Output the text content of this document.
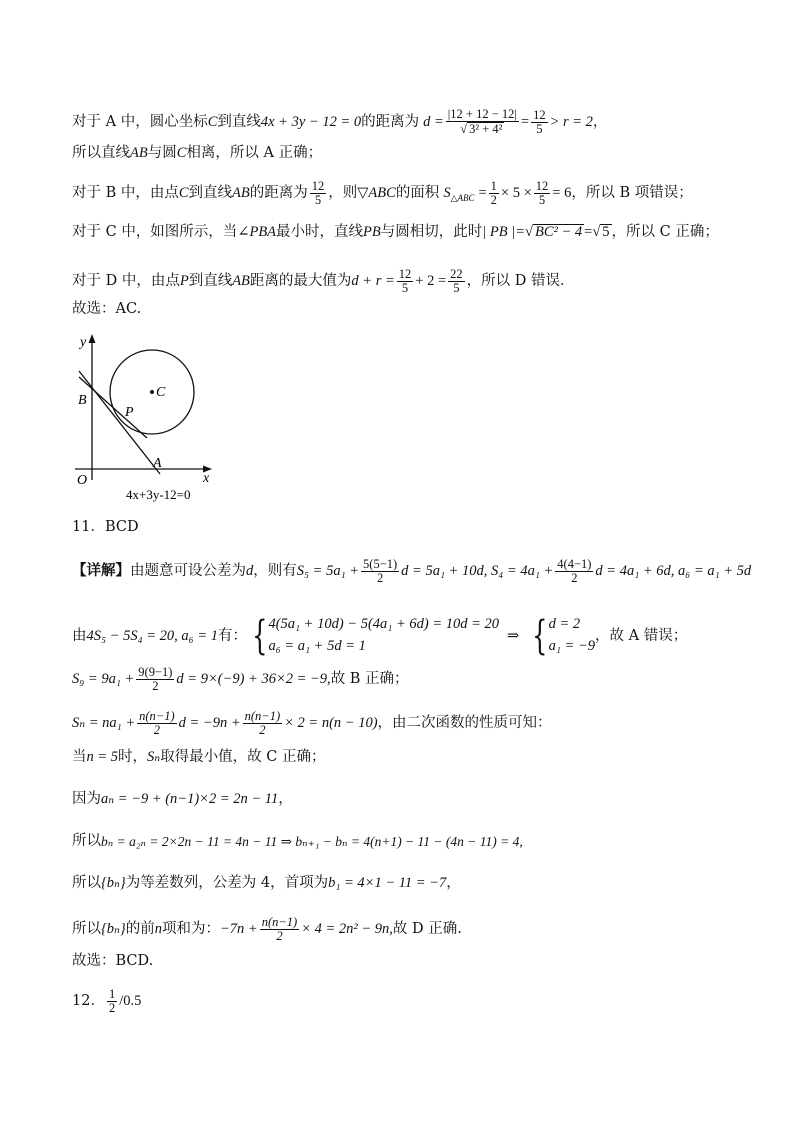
对于 A 中，圆心坐标 C 到直线 4x + 3y − 12 = 0 的距离为 $d = \frac{|12 + 12 - 12|}{\text{√ 3² + 4²}} = \frac{12}{5} > r = 2$ ，
所以直线 AB 与圆 C 相离，所以 A 正确；
对于 B 中，由点 C 到直线 AB 的距离为 $\frac{12}{5}$ ，则 ▽ABC 的面积 $S_{\triangle ABC} = \frac{1}{2} \times 5 \times \frac{12}{5} = 6$ ，所以 B 项错误；
对于 C 中，如图所示，当 ∠PBA 最小时，直线 PB 与圆相切，此时 | PB |= √ BC² − 4 = √ 5 ，所以 C 正确；
对于 D 中，由点 P 到直线 AB 距离的最大值为 $d + r = \frac{12}{5} + 2 = \frac{22}{5}$ ，所以 D 错误．
故选：AC.
y
x
O
B
P
C
A
4x+3y-12=0
11．BCD
【详解】 由题意可设公差为 d ，则有 $S_5 = 5a_1 + \frac{5(5-1)}{2}$ d = 5a₁ + 10d, $S_4 = 4a_1 + \frac{4(4-1)}{2}$ d = 4a₁ + 6d, a₆ = a₁ + 5d
由 4S₅ − 5S₄ = 20, a₆ = 1 有： { 4(5a₁ + 10d) − 5(4a₁ + 6d) = 10d = 20
a₆ = a₁ + 5d = 1
⇒ { d = 2
a₁ = −9
，故 A 错误；
$S_9 = 9a_1 + \frac{9(9-1)}{2}$ d = 9×(−9) + 36×2 = −9, 故 B 正确；
$S_n = na_1 + \frac{n(n-1)}{2}$ $d = -9n + \frac{n(n-1)}{2} \times 2 = n(n - 10)$ ，由二次函数的性质可知：
当 n = 5 时， Sₙ 取得最小值，故 C 正确；
因为 aₙ = −9 + (n−1)×2 = 2n − 11 ，
所以 bₙ = a₂ₙ = 2×2n − 11 = 4n − 11 ⇒ bₙ₊₁ − bₙ = 4(n+1) − 11 − (4n − 11) = 4,
所以 {bₙ} 为等差数列，公差为 4，首项为 b₁ = 4×1 − 11 = −7 ，
所以 {bₙ} 的前 n 项和为： $-7n + \frac{n(n-1)}{2} \times 4 = 2n^2 - 9n$, 故 D 正确.
故选：BCD.
12． $\frac{1}{2} /0.5$
